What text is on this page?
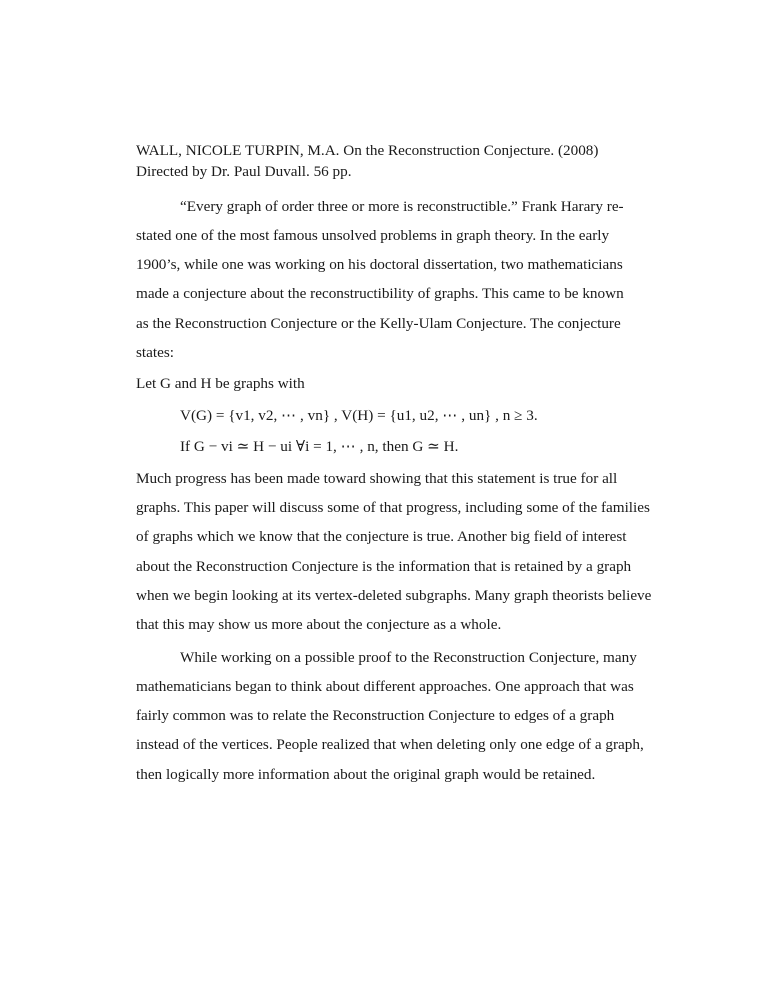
WALL, NICOLE TURPIN, M.A. On the Reconstruction Conjecture. (2008)
Directed by Dr. Paul Duvall. 56 pp.
“Every graph of order three or more is reconstructible.” Frank Harary re-
stated one of the most famous unsolved problems in graph theory. In the early
1900’s, while one was working on his doctoral dissertation, two mathematicians
made a conjecture about the reconstructibility of graphs. This came to be known
as the Reconstruction Conjecture or the Kelly-Ulam Conjecture. The conjecture
states:
Let G and H be graphs with
V(G) = {v1, v2, ⋯ , vn} , V(H) = {u1, u2, ⋯ , un} , n ≥ 3.
If G − vi ≃ H − ui ∀i = 1, ⋯ , n, then G ≃ H.
Much progress has been made toward showing that this statement is true for all
graphs. This paper will discuss some of that progress, including some of the families
of graphs which we know that the conjecture is true. Another big field of interest
about the Reconstruction Conjecture is the information that is retained by a graph
when we begin looking at its vertex-deleted subgraphs. Many graph theorists believe
that this may show us more about the conjecture as a whole.
While working on a possible proof to the Reconstruction Conjecture, many
mathematicians began to think about different approaches. One approach that was
fairly common was to relate the Reconstruction Conjecture to edges of a graph
instead of the vertices. People realized that when deleting only one edge of a graph,
then logically more information about the original graph would be retained.
